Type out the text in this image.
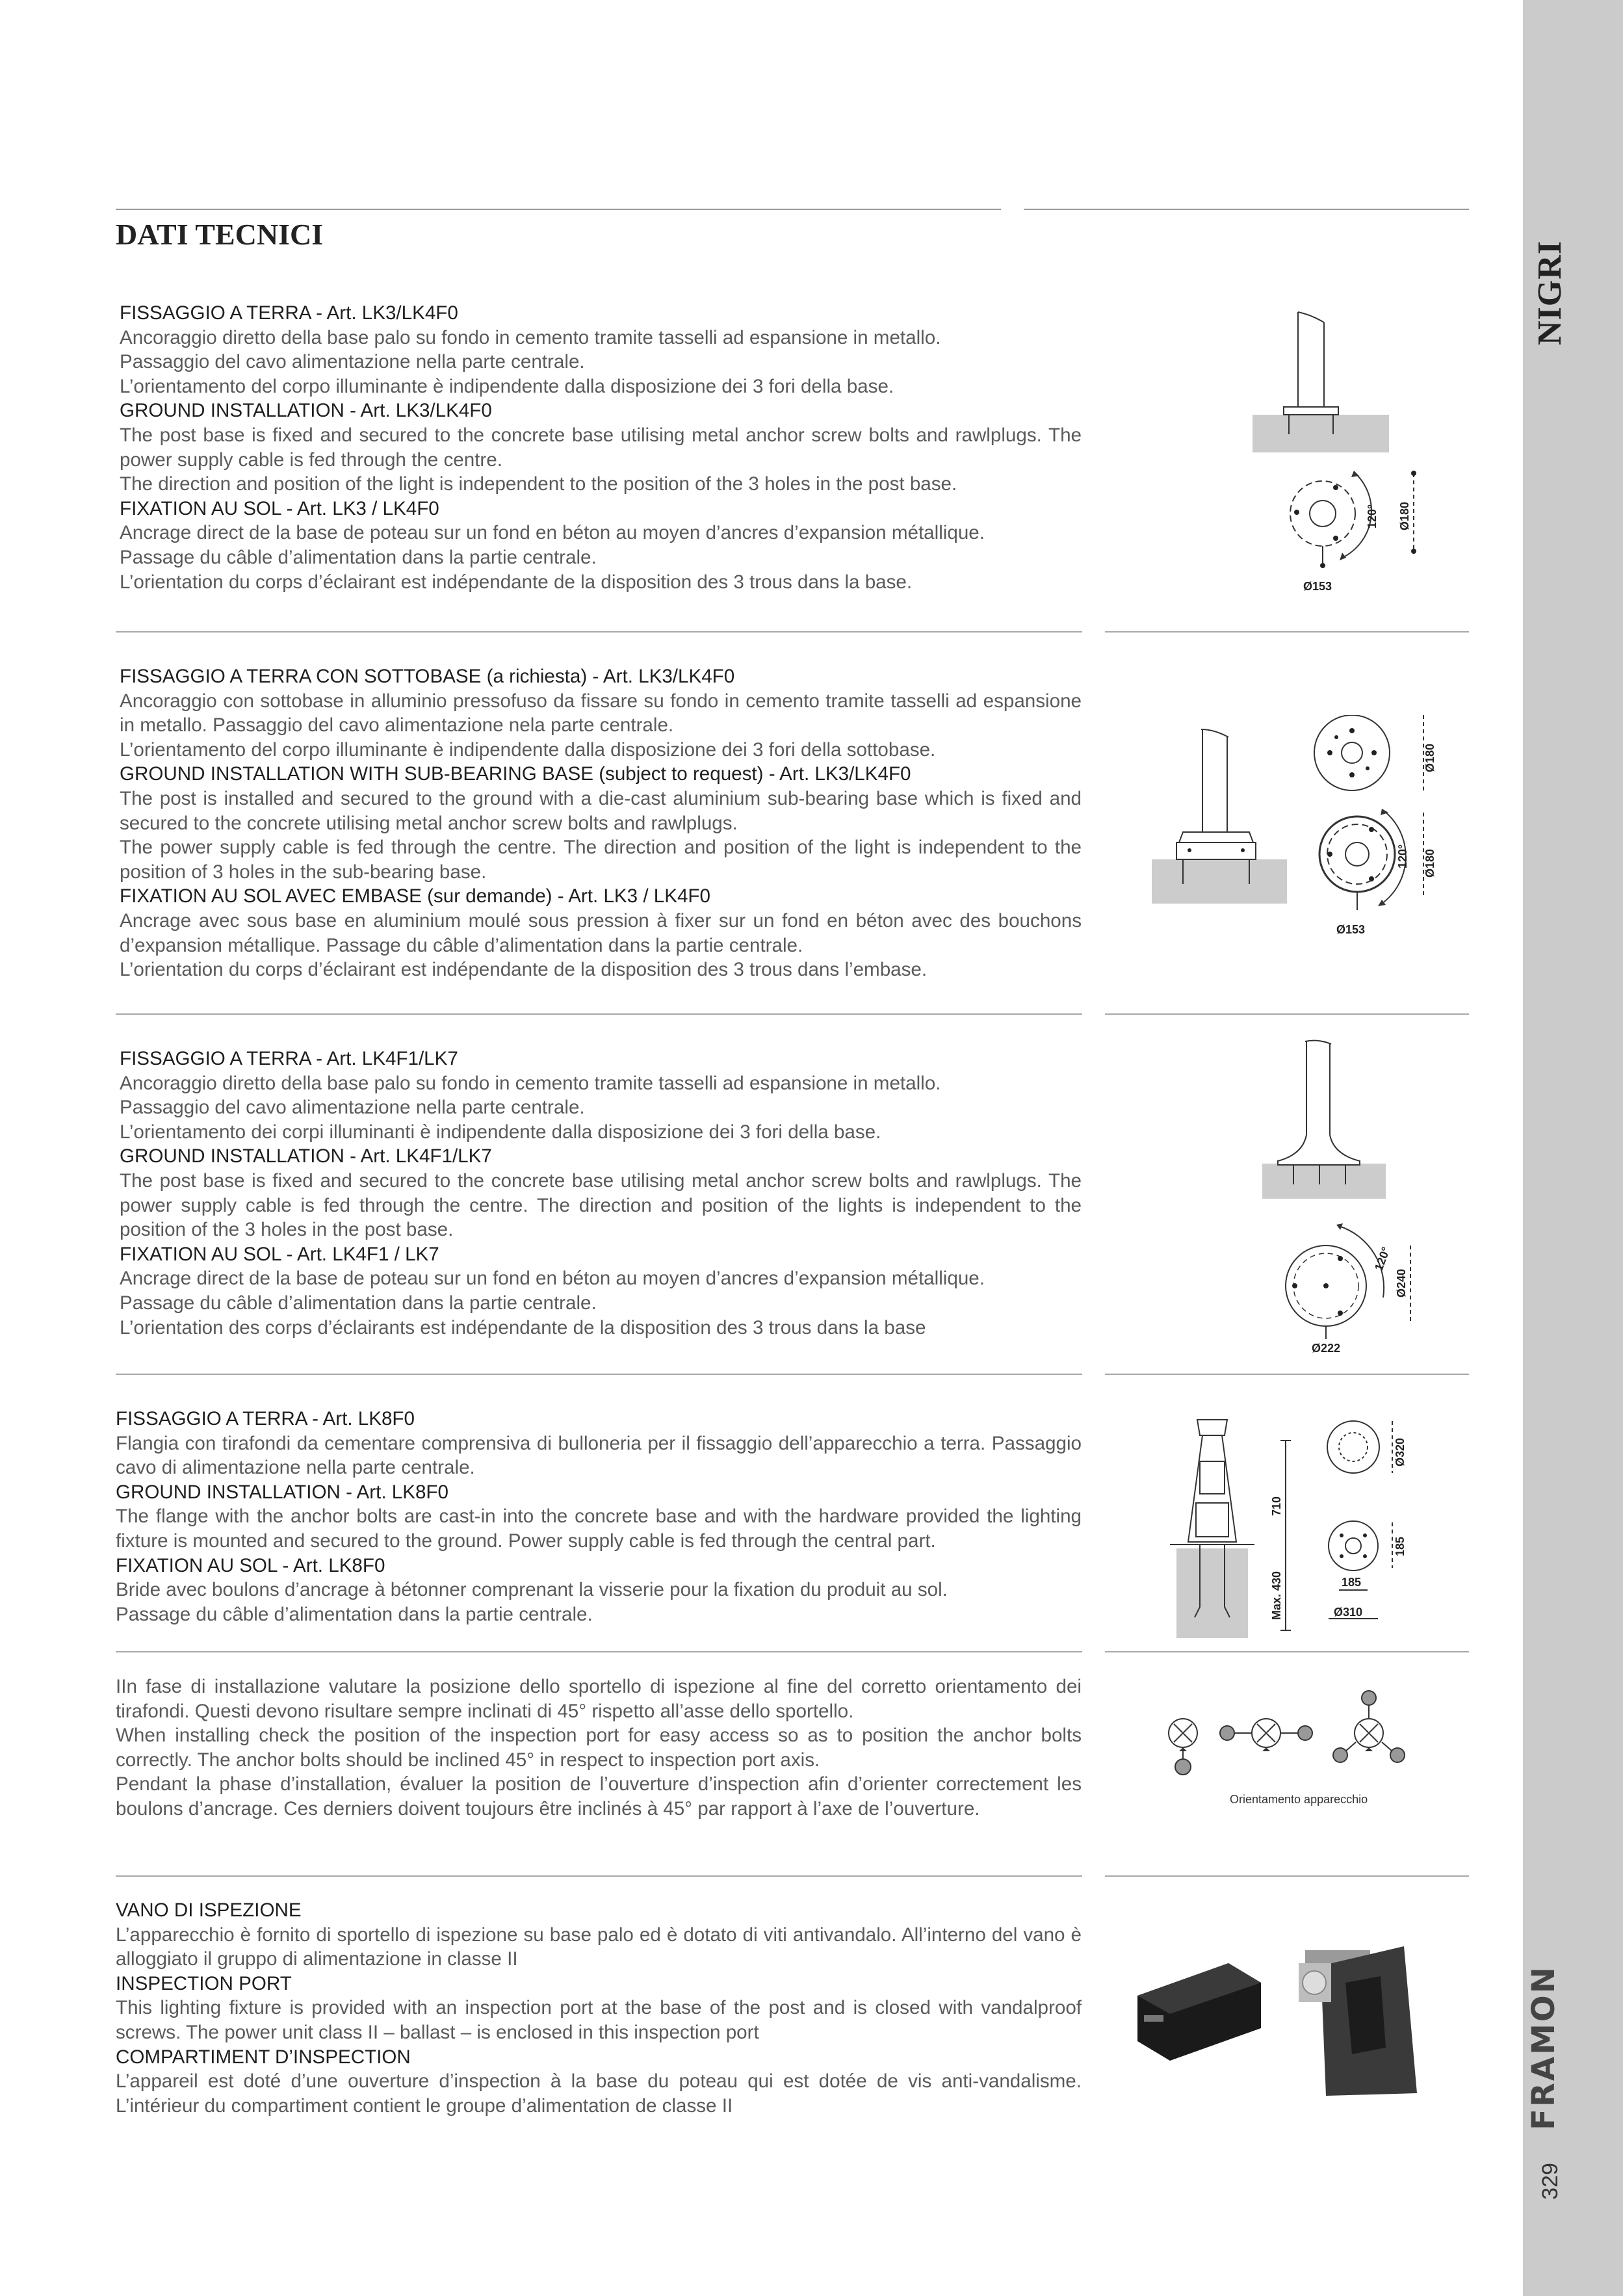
NIGRI
FRAMON
329
DATI TECNICI

FISSAGGIO A TERRA - Art. LK3/LK4F0

Ancoraggio diretto della base palo su fondo in cemento tramite tasselli ad espansione in metallo.

Passaggio del cavo alimentazione nella parte centrale.

L’orientamento del corpo illuminante è indipendente dalla disposizione dei 3 fori della base.

GROUND INSTALLATION - Art. LK3/LK4F0

The post base is fixed and secured to the concrete base utilising metal anchor screw bolts and rawlplugs. The power supply cable is fed through the centre.

The direction and position of the light is independent to the position of the 3 holes in the post base.

FIXATION AU SOL - Art. LK3 / LK4F0

Ancrage direct de la base de poteau sur un fond en béton au moyen d’ancres d’expansion métallique.

Passage du câble d’alimentation dans la partie centrale.

L’orientation du corps d’éclairant est indépendante de la disposition des 3 trous dans la base.

120° Ø180
Ø153

FISSAGGIO A TERRA CON SOTTOBASE (a richiesta) - Art. LK3/LK4F0

Ancoraggio con sottobase in alluminio pressofuso da fissare su fondo in cemento tramite tasselli ad espansione in metallo. Passaggio del cavo alimentazione nela parte centrale.

L’orientamento del corpo illuminante è indipendente dalla disposizione dei 3 fori della sottobase.

GROUND INSTALLATION WITH SUB-BEARING BASE (subject to request) - Art. LK3/LK4F0

The post is installed and secured to the ground with a die-cast aluminium sub-bearing base which is fixed and secured to the concrete utilising metal anchor screw bolts and rawlplugs.

The power supply cable is fed through the centre. The direction and position of the light is independent to the position of 3 holes in the sub-bearing base.

FIXATION AU SOL AVEC EMBASE (sur demande) - Art. LK3 / LK4F0

Ancrage avec sous base en aluminium moulé sous pression à fixer sur un fond en béton avec des bouchons d’expansion métallique. Passage du câble d’alimentation dans la partie centrale.

L’orientation du corps d’éclairant est indépendante de la disposition des 3 trous dans l’embase.

Ø180
120° Ø180
Ø153

FISSAGGIO A TERRA - Art. LK4F1/LK7

Ancoraggio diretto della base palo su fondo in cemento tramite tasselli ad espansione in metallo.

Passaggio del cavo alimentazione nella parte centrale.

L’orientamento dei corpi illuminanti è indipendente dalla disposizione dei 3 fori della base.

GROUND INSTALLATION - Art. LK4F1/LK7

The post base is fixed and secured to the concrete base utilising metal anchor screw bolts and rawlplugs. The power supply cable is fed through the centre. The direction and position of the lights is independent to the position of the 3 holes in the post base.

FIXATION AU SOL - Art. LK4F1 / LK7

Ancrage direct de la base de poteau sur un fond en béton au moyen d’ancres d’expansion métallique.

Passage du câble d’alimentation dans la partie centrale.

L’orientation des corps d’éclairants est indépendante de la disposition des 3 trous dans la base

120°
Ø240
Ø222

FISSAGGIO A TERRA - Art. LK8F0

Flangia con tirafondi da cementare comprensiva di bulloneria per il fissaggio dell’apparecchio a terra. Passaggio cavo di alimentazione nella parte centrale.

GROUND INSTALLATION - Art. LK8F0

The flange with the anchor bolts are cast-in into the concrete base and with the hardware provided the lighting fixture is mounted and secured to the ground. Power supply cable is fed through the central part.

FIXATION AU SOL - Art. LK8F0

Bride avec boulons d’ancrage à bétonner comprenant la visserie pour la fixation du produit au sol.

Passage du câble d’alimentation dans la partie centrale.

710
Max. 430
Ø320
185
185
Ø310

IIn fase di installazione valutare la posizione dello sportello di ispezione al fine del corretto orientamento dei tirafondi. Questi devono risultare sempre inclinati di 45° rispetto all’asse dello sportello.

When installing check the position of the inspection port for easy access so as to position the anchor bolts correctly. The anchor bolts should be inclined 45° in respect to inspection port axis.

Pendant la phase d’installation, évaluer la position de l’ouverture d’inspection afin d’orienter correctement les boulons d’ancrage. Ces derniers doivent toujours être inclinés à 45° par rapport à l’axe de l’ouverture.	Orientamento apparecchio

VANO DI ISPEZIONE

L’apparecchio è fornito di sportello di ispezione su base palo ed è dotato di viti antivandalo. All’interno del vano è alloggiato il gruppo di alimentazione in classe II

INSPECTION PORT

This lighting fixture is provided with an inspection port at the base of the post and is closed with vandalproof screws. The power unit class II – ballast – is enclosed in this inspection port

COMPARTIMENT D’INSPECTION

L’appareil est doté d’une ouverture d’inspection à la base du poteau qui est dotée de vis anti-vandalisme. L’intérieur du compartiment contient le groupe d’alimentation de classe II
